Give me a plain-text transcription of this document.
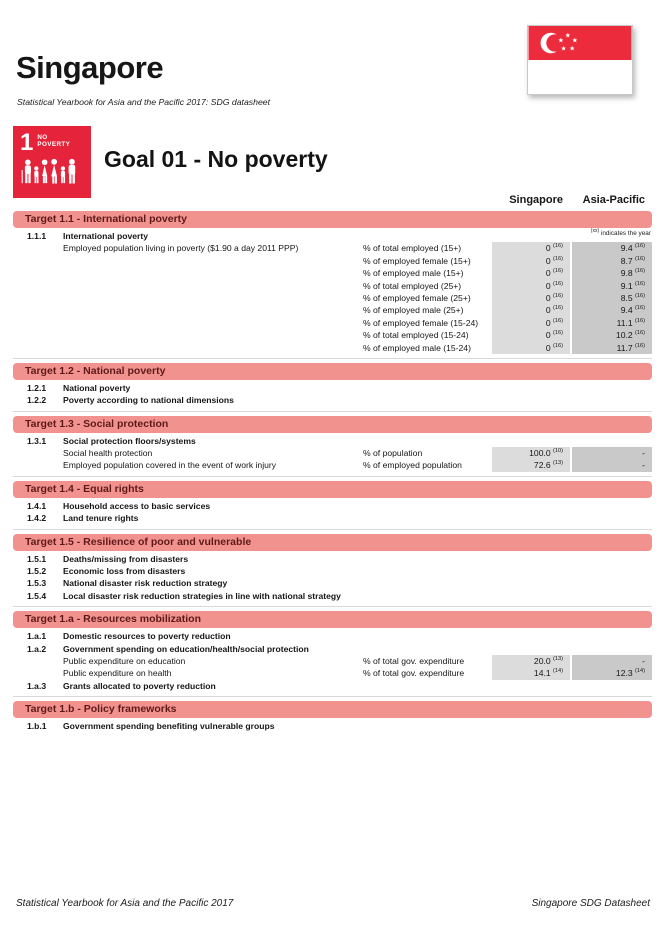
Singapore
Statistical Yearbook for Asia and the Pacific 2017: SDG datasheet
1 NO
POVERTY
Goal 01 - No poverty
Singapore	Asia-Pacific
Target 1.1 - International poverty
1.1.1	International poverty
$^{(xx)}$ indicates the year
Employed population living in poverty ($1.90 a day 2011 PPP)	% of total employed (15+)	0 $^{(16)}$	9.4 $^{(16)}$
% of employed female (15+)	0 $^{(16)}$	8.7 $^{(16)}$
% of employed male (15+)	0 $^{(16)}$	9.8 $^{(16)}$
% of total employed (25+)	0 $^{(16)}$	9.1 $^{(16)}$
% of employed female (25+)	0 $^{(16)}$	8.5 $^{(16)}$
% of employed male (25+)	0 $^{(16)}$	9.4 $^{(16)}$
% of employed female (15-24)	0 $^{(16)}$	11.1 $^{(16)}$
% of total employed (15-24)	0 $^{(16)}$	10.2 $^{(16)}$
% of employed male (15-24)	0 $^{(16)}$	11.7 $^{(16)}$
Target 1.2 - National poverty
1.2.1	National poverty
1.2.2	Poverty according to national dimensions
Target 1.3 - Social protection
1.3.1	Social protection floors/systems
Social health protection	% of population	100.0 $^{(10)}$	-
Employed population covered in the event of work injury	% of employed population	72.6 $^{(13)}$	-
Target 1.4 - Equal rights
1.4.1	Household access to basic services
1.4.2	Land tenure rights
Target 1.5 - Resilience of poor and vulnerable
1.5.1	Deaths/missing from disasters
1.5.2	Economic loss from disasters
1.5.3	National disaster risk reduction strategy
1.5.4	Local disaster risk reduction strategies in line with national strategy
Target 1.a - Resources mobilization
1.a.1	Domestic resources to poverty reduction
1.a.2	Government spending on education/health/social protection
Public expenditure on education	% of total gov. expenditure	20.0 $^{(13)}$	-
Public expenditure on health	% of total gov. expenditure	14.1 $^{(14)}$	12.3 $^{(14)}$
1.a.3	Grants allocated to poverty reduction
Target 1.b - Policy frameworks
1.b.1	Government spending benefiting vulnerable groups
Statistical Yearbook for Asia and the Pacific 2017	Singapore SDG Datasheet
